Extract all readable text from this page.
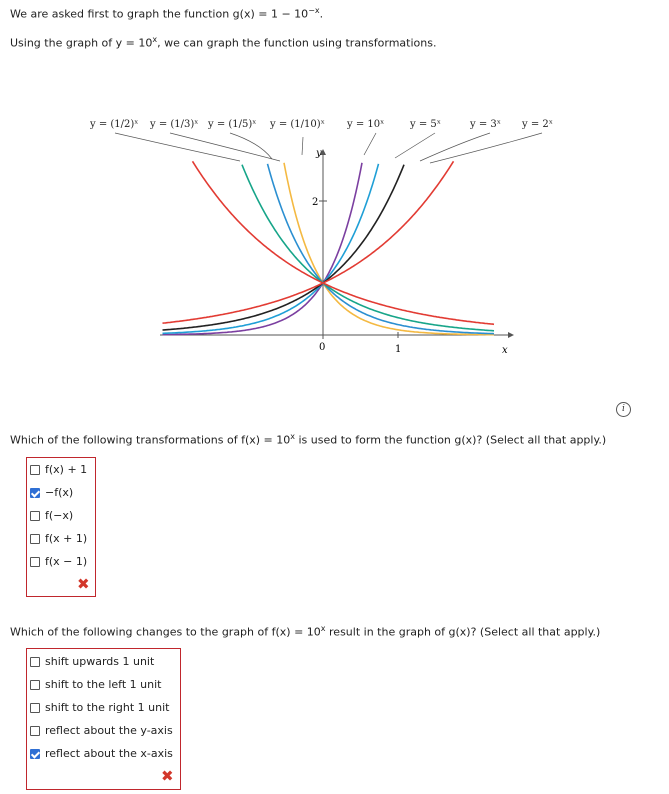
We are asked first to graph the function $g(x) = 1 - 10^{-x}$.
Using the graph of $y = 10^x$, we can graph the function using transformations.
y = (1/2)ˣ y = (1/3)ˣ y = (1/5)ˣ y = (1/10)ˣ y = 10ˣ	y = 5ˣ	y = 3ˣ y = 2ˣ
y
x
2
0	1
i
Which of the following transformations of $f(x) = 10^x$ is used to form the function g(x)? (Select all that apply.)
f(x) + 1
−f(x)
f(−x)
f(x + 1)
f(x − 1)
✖
Which of the following changes to the graph of $f(x) = 10^x$ result in the graph of g(x)? (Select all that apply.)
shift upwards 1 unit
shift to the left 1 unit
shift to the right 1 unit
reflect about the y-axis
reflect about the x-axis
✖
